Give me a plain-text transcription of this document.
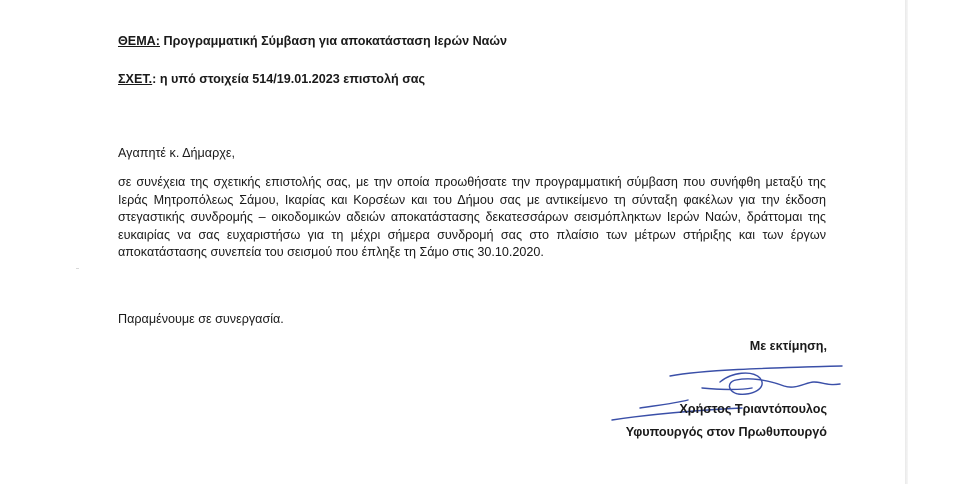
ΘΕΜΑ: Προγραμματική Σύμβαση για αποκατάσταση Ιερών Ναών
ΣΧΕΤ.: η υπό στοιχεία 514/19.01.2023 επιστολή σας
Αγαπητέ κ. Δήμαρχε,

σε συνέχεια της σχετικής επιστολής σας, με την οποία προωθήσατε την προγραμματική σύμβαση που συνήφθη μεταξύ της Ιεράς Μητροπόλεως Σάμου, Ικαρίας και Κορσέων και του Δήμου σας με αντικείμενο τη σύνταξη φακέλων για την έκδοση στεγαστικής συνδρομής – οικοδομικών αδειών αποκατάστασης δεκατεσσάρων σεισμόπληκτων Ιερών Ναών, δράττομαι της ευκαιρίας να σας ευχαριστήσω για τη μέχρι σήμερα συνδρομή σας στο πλαίσιο των μέτρων στήριξης και των έργων αποκατάστασης συνεπεία του σεισμού που έπληξε τη Σάμο στις 30.10.2020.

Παραμένουμε σε συνεργασία.
Με εκτίμηση,
Χρήστος Τριαντόπουλος
Υφυπουργός στον Πρωθυπουργό
